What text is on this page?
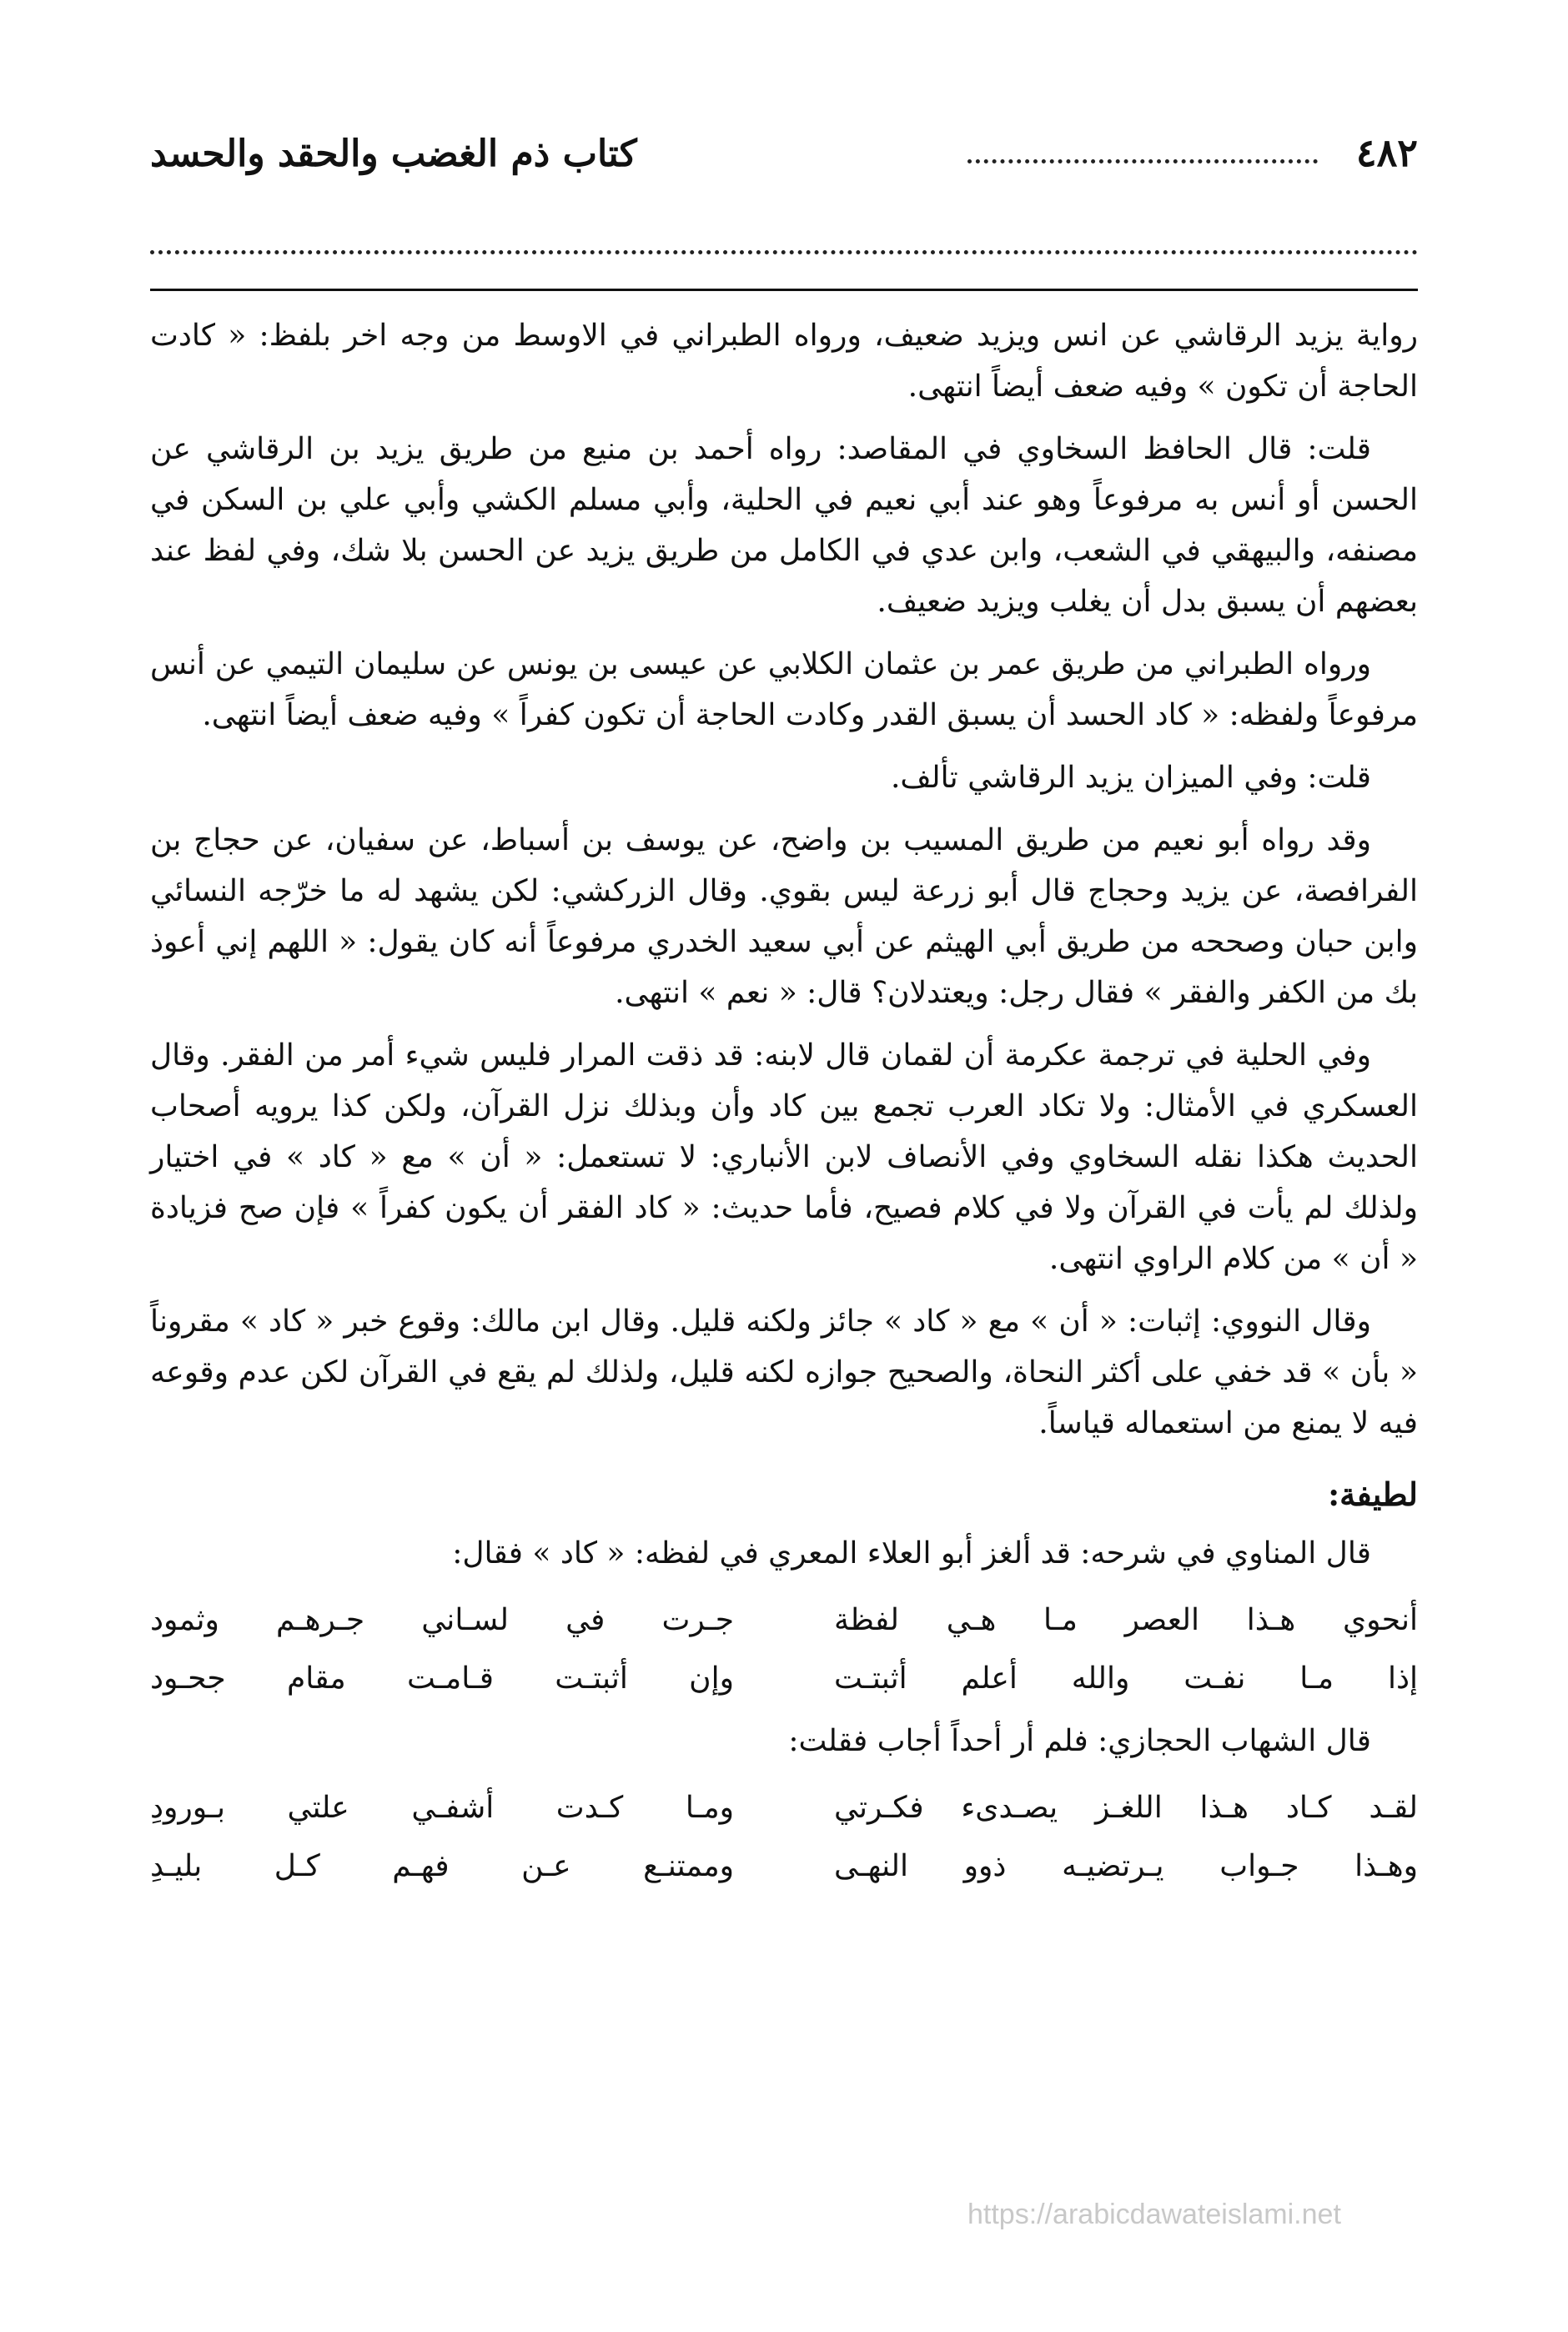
٤٨٢
كتاب ذم الغضب والحقد والحسد

رواية يزيد الرقاشي عن انس ويزيد ضعيف، ورواه الطبراني في الاوسط من وجه اخر بلفظ: « كادت الحاجة أن تكون » وفيه ضعف أيضاً انتهى.

قلت: قال الحافظ السخاوي في المقاصد: رواه أحمد بن منيع من طريق يزيد بن الرقاشي عن الحسن أو أنس به مرفوعاً وهو عند أبي نعيم في الحلية، وأبي مسلم الكشي وأبي علي بن السكن في مصنفه، والبيهقي في الشعب، وابن عدي في الكامل من طريق يزيد عن الحسن بلا شك، وفي لفظ عند بعضهم أن يسبق بدل أن يغلب ويزيد ضعيف.

ورواه الطبراني من طريق عمر بن عثمان الكلابي عن عيسى بن يونس عن سليمان التيمي عن أنس مرفوعاً ولفظه: « كاد الحسد أن يسبق القدر وكادت الحاجة أن تكون كفراً » وفيه ضعف أيضاً انتهى.

قلت: وفي الميزان يزيد الرقاشي تألف.

وقد رواه أبو نعيم من طريق المسيب بن واضح، عن يوسف بن أسباط، عن سفيان، عن حجاج بن الفرافصة، عن يزيد وحجاج قال أبو زرعة ليس بقوي. وقال الزركشي: لكن يشهد له ما خرّجه النسائي وابن حبان وصححه من طريق أبي الهيثم عن أبي سعيد الخدري مرفوعاً أنه كان يقول: « اللهم إني أعوذ بك من الكفر والفقر » فقال رجل: ويعتدلان؟ قال: « نعم » انتهى.

وفي الحلية في ترجمة عكرمة أن لقمان قال لابنه: قد ذقت المرار فليس شيء أمر من الفقر. وقال العسكري في الأمثال: ولا تكاد العرب تجمع بين كاد وأن وبذلك نزل القرآن، ولكن كذا يرويه أصحاب الحديث هكذا نقله السخاوي وفي الأنصاف لابن الأنباري: لا تستعمل: « أن » مع « كاد » في اختيار ولذلك لم يأت في القرآن ولا في كلام فصيح، فأما حديث: « كاد الفقر أن يكون كفراً » فإن صح فزيادة « أن » من كلام الراوي انتهى.

وقال النووي: إثبات: « أن » مع « كاد » جائز ولكنه قليل. وقال ابن مالك: وقوع خبر « كاد » مقروناً « بأن » قد خفي على أكثر النحاة، والصحيح جوازه لكنه قليل، ولذلك لم يقع في القرآن لكن عدم وقوعه فيه لا يمنع من استعماله قياساً.

لطيفة:

قال المناوي في شرحه: قد ألغز أبو العلاء المعري في لفظه: « كاد » فقال:

أنحوي هـذا العصر مـا هـي لفظة
جـرت في لسـاني جـرهـم وثمود
إذا مـا نفـت والله أعلم أثبتـت
وإن أثبتـت قـامـت مقام جحـود

قال الشهاب الحجازي: فلم أر أحداً أجاب فقلت:

لقـد كـاد هـذا اللغـز يصـدىء فكـرتي
ومـا كـدت أشفـي علتي بـورودِ
وهـذا جـواب يـرتضيـه ذوو النهـى
وممتنـع عـن فهـم كـل بليـدِ
https://arabicdawateislami.net
